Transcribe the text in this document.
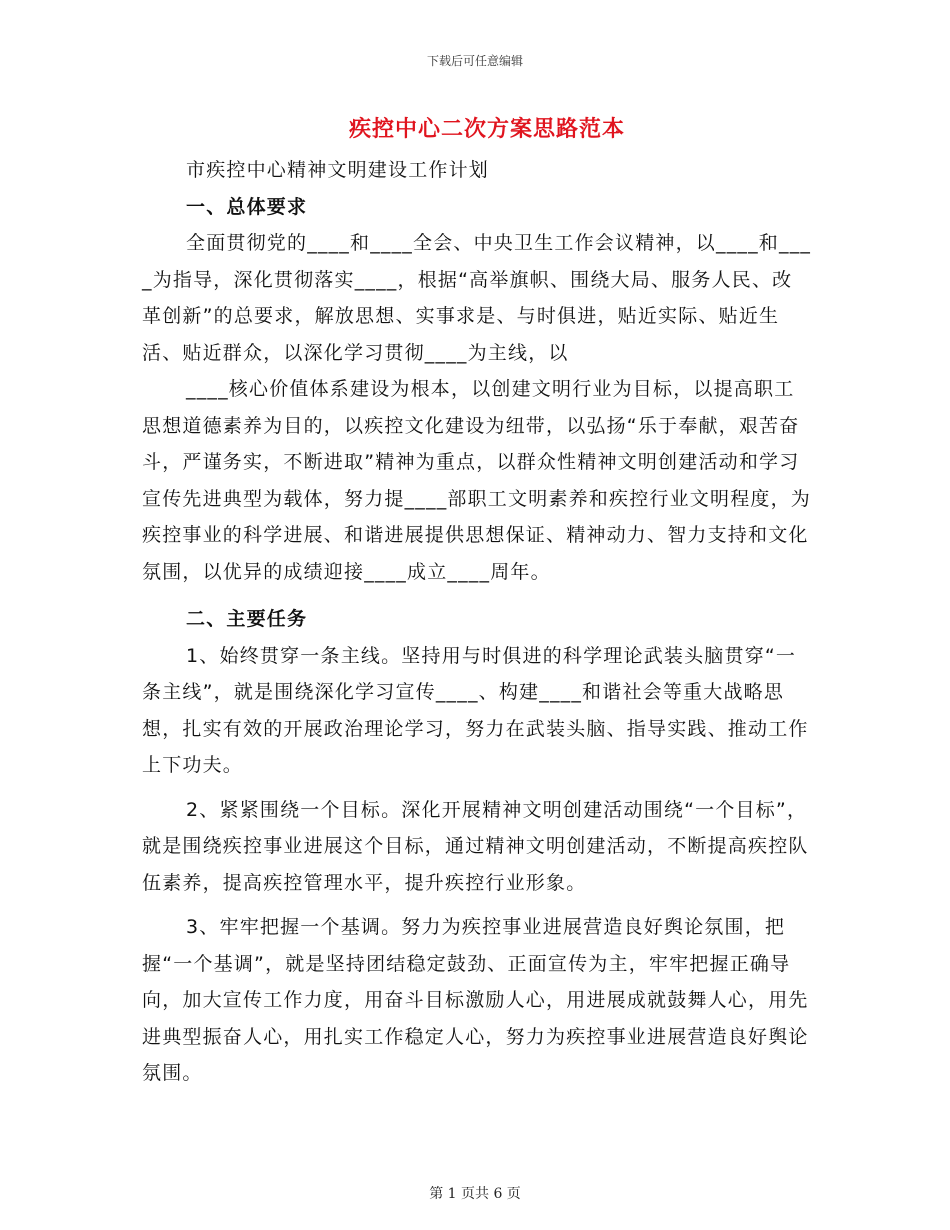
下载后可任意编辑
疾控中心二次方案思路范本

市疾控中心精神文明建设工作计划

一、总体要求

全面贯彻党的____和____全会、中央卫生工作会议精神，以____和____为指导，深化贯彻落实____，根据“高举旗帜、围绕大局、服务人民、改革创新”的总要求，解放思想、实事求是、与时俱进，贴近实际、贴近生活、贴近群众，以深化学习贯彻____为主线，以

____核心价值体系建设为根本，以创建文明行业为目标，以提高职工思想道德素养为目的，以疾控文化建设为纽带，以弘扬“乐于奉献，艰苦奋斗，严谨务实，不断进取”精神为重点，以群众性精神文明创建活动和学习宣传先进典型为载体，努力提____部职工文明素养和疾控行业文明程度，为疾控事业的科学进展、和谐进展提供思想保证、精神动力、智力支持和文化氛围，以优异的成绩迎接____成立____周年。

二、主要任务

1、始终贯穿一条主线。坚持用与时俱进的科学理论武装头脑贯穿“一条主线”，就是围绕深化学习宣传____、构建____和谐社会等重大战略思想，扎实有效的开展政治理论学习，努力在武装头脑、指导实践、推动工作上下功夫。

2、紧紧围绕一个目标。深化开展精神文明创建活动围绕“一个目标”，就是围绕疾控事业进展这个目标，通过精神文明创建活动，不断提高疾控队伍素养，提高疾控管理水平，提升疾控行业形象。

3、牢牢把握一个基调。努力为疾控事业进展营造良好舆论氛围，把握“一个基调”，就是坚持团结稳定鼓劲、正面宣传为主，牢牢把握正确导向，加大宣传工作力度，用奋斗目标激励人心，用进展成就鼓舞人心，用先进典型振奋人心，用扎实工作稳定人心，努力为疾控事业进展营造良好舆论氛围。

第 1 页共 6 页
